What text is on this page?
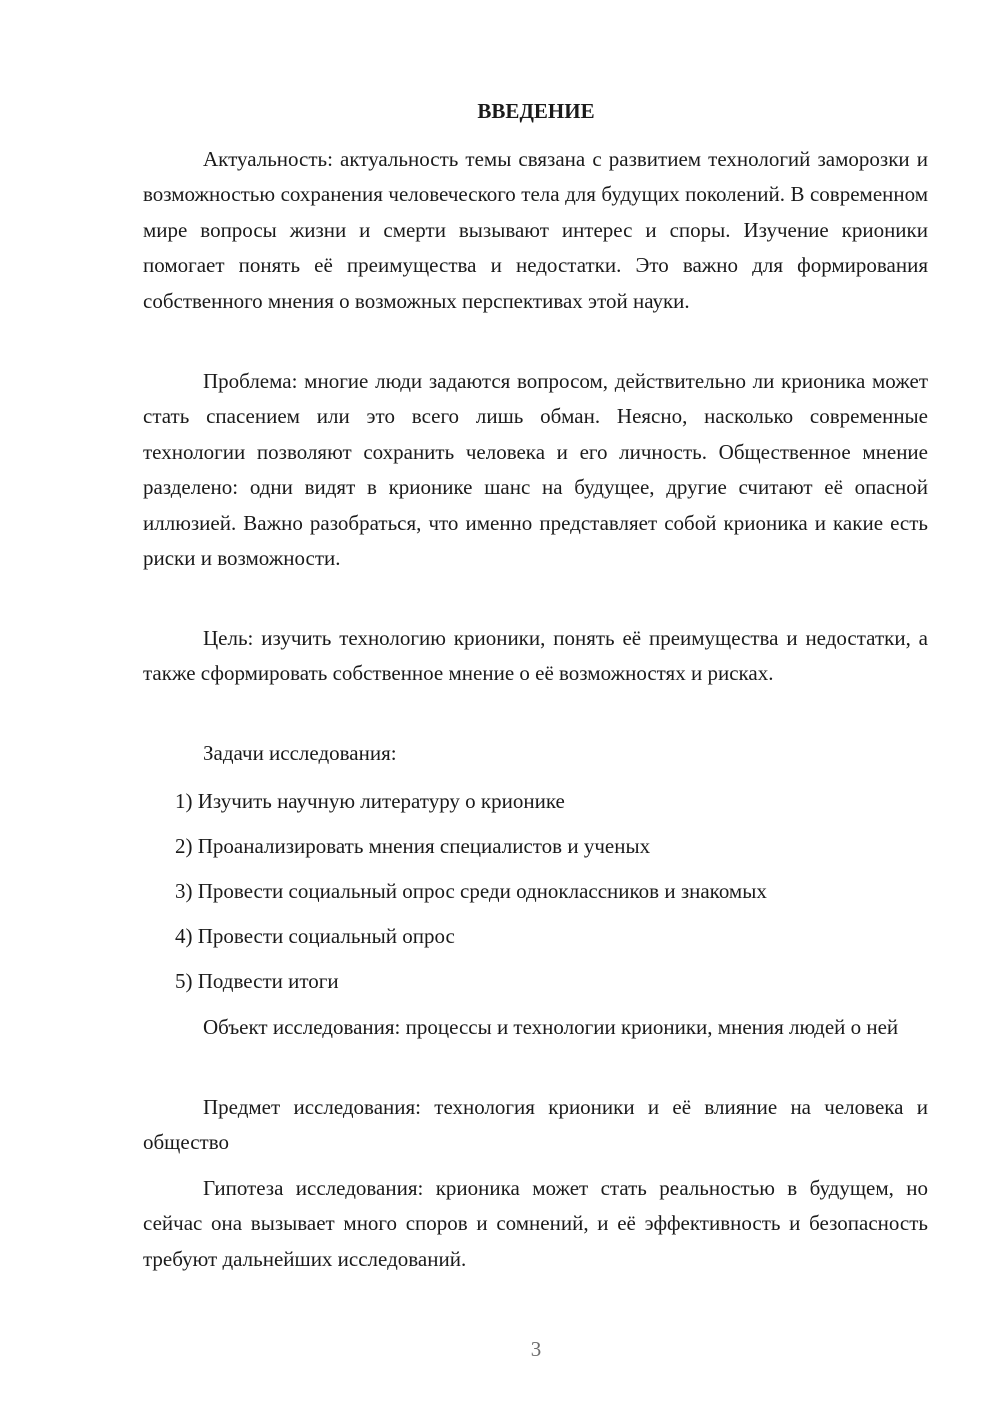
ВВЕДЕНИЕ

Актуальность: актуальность темы связана с развитием технологий заморозки и возможностью сохранения человеческого тела для будущих поколений. В современном мире вопросы жизни и смерти вызывают интерес и споры. Изучение крионики помогает понять её преимущества и недостатки. Это важно для формирования собственного мнения о возможных перспективах этой науки.

Проблема: многие люди задаются вопросом, действительно ли крионика может стать спасением или это всего лишь обман. Неясно, насколько современные технологии позволяют сохранить человека и его личность. Общественное мнение разделено: одни видят в крионике шанс на будущее, другие считают её опасной иллюзией. Важно разобраться, что именно представляет собой крионика и какие есть риски и возможности.

Цель: изучить технологию крионики, понять её преимущества и недостатки, а также сформировать собственное мнение о её возможностях и рисках.

Задачи исследования:

1) Изучить научную литературу о крионике
2) Проанализировать мнения специалистов и ученых
3) Провести социальный опрос среди одноклассников и знакомых
4) Провести социальный опрос
5) Подвести итоги

Объект исследования: процессы и технологии крионики, мнения людей о ней

Предмет исследования: технология крионики и её влияние на человека и общество

Гипотеза исследования: крионика может стать реальностью в будущем, но сейчас она вызывает много споров и сомнений, и её эффективность и безопасность требуют дальнейших исследований.

3
